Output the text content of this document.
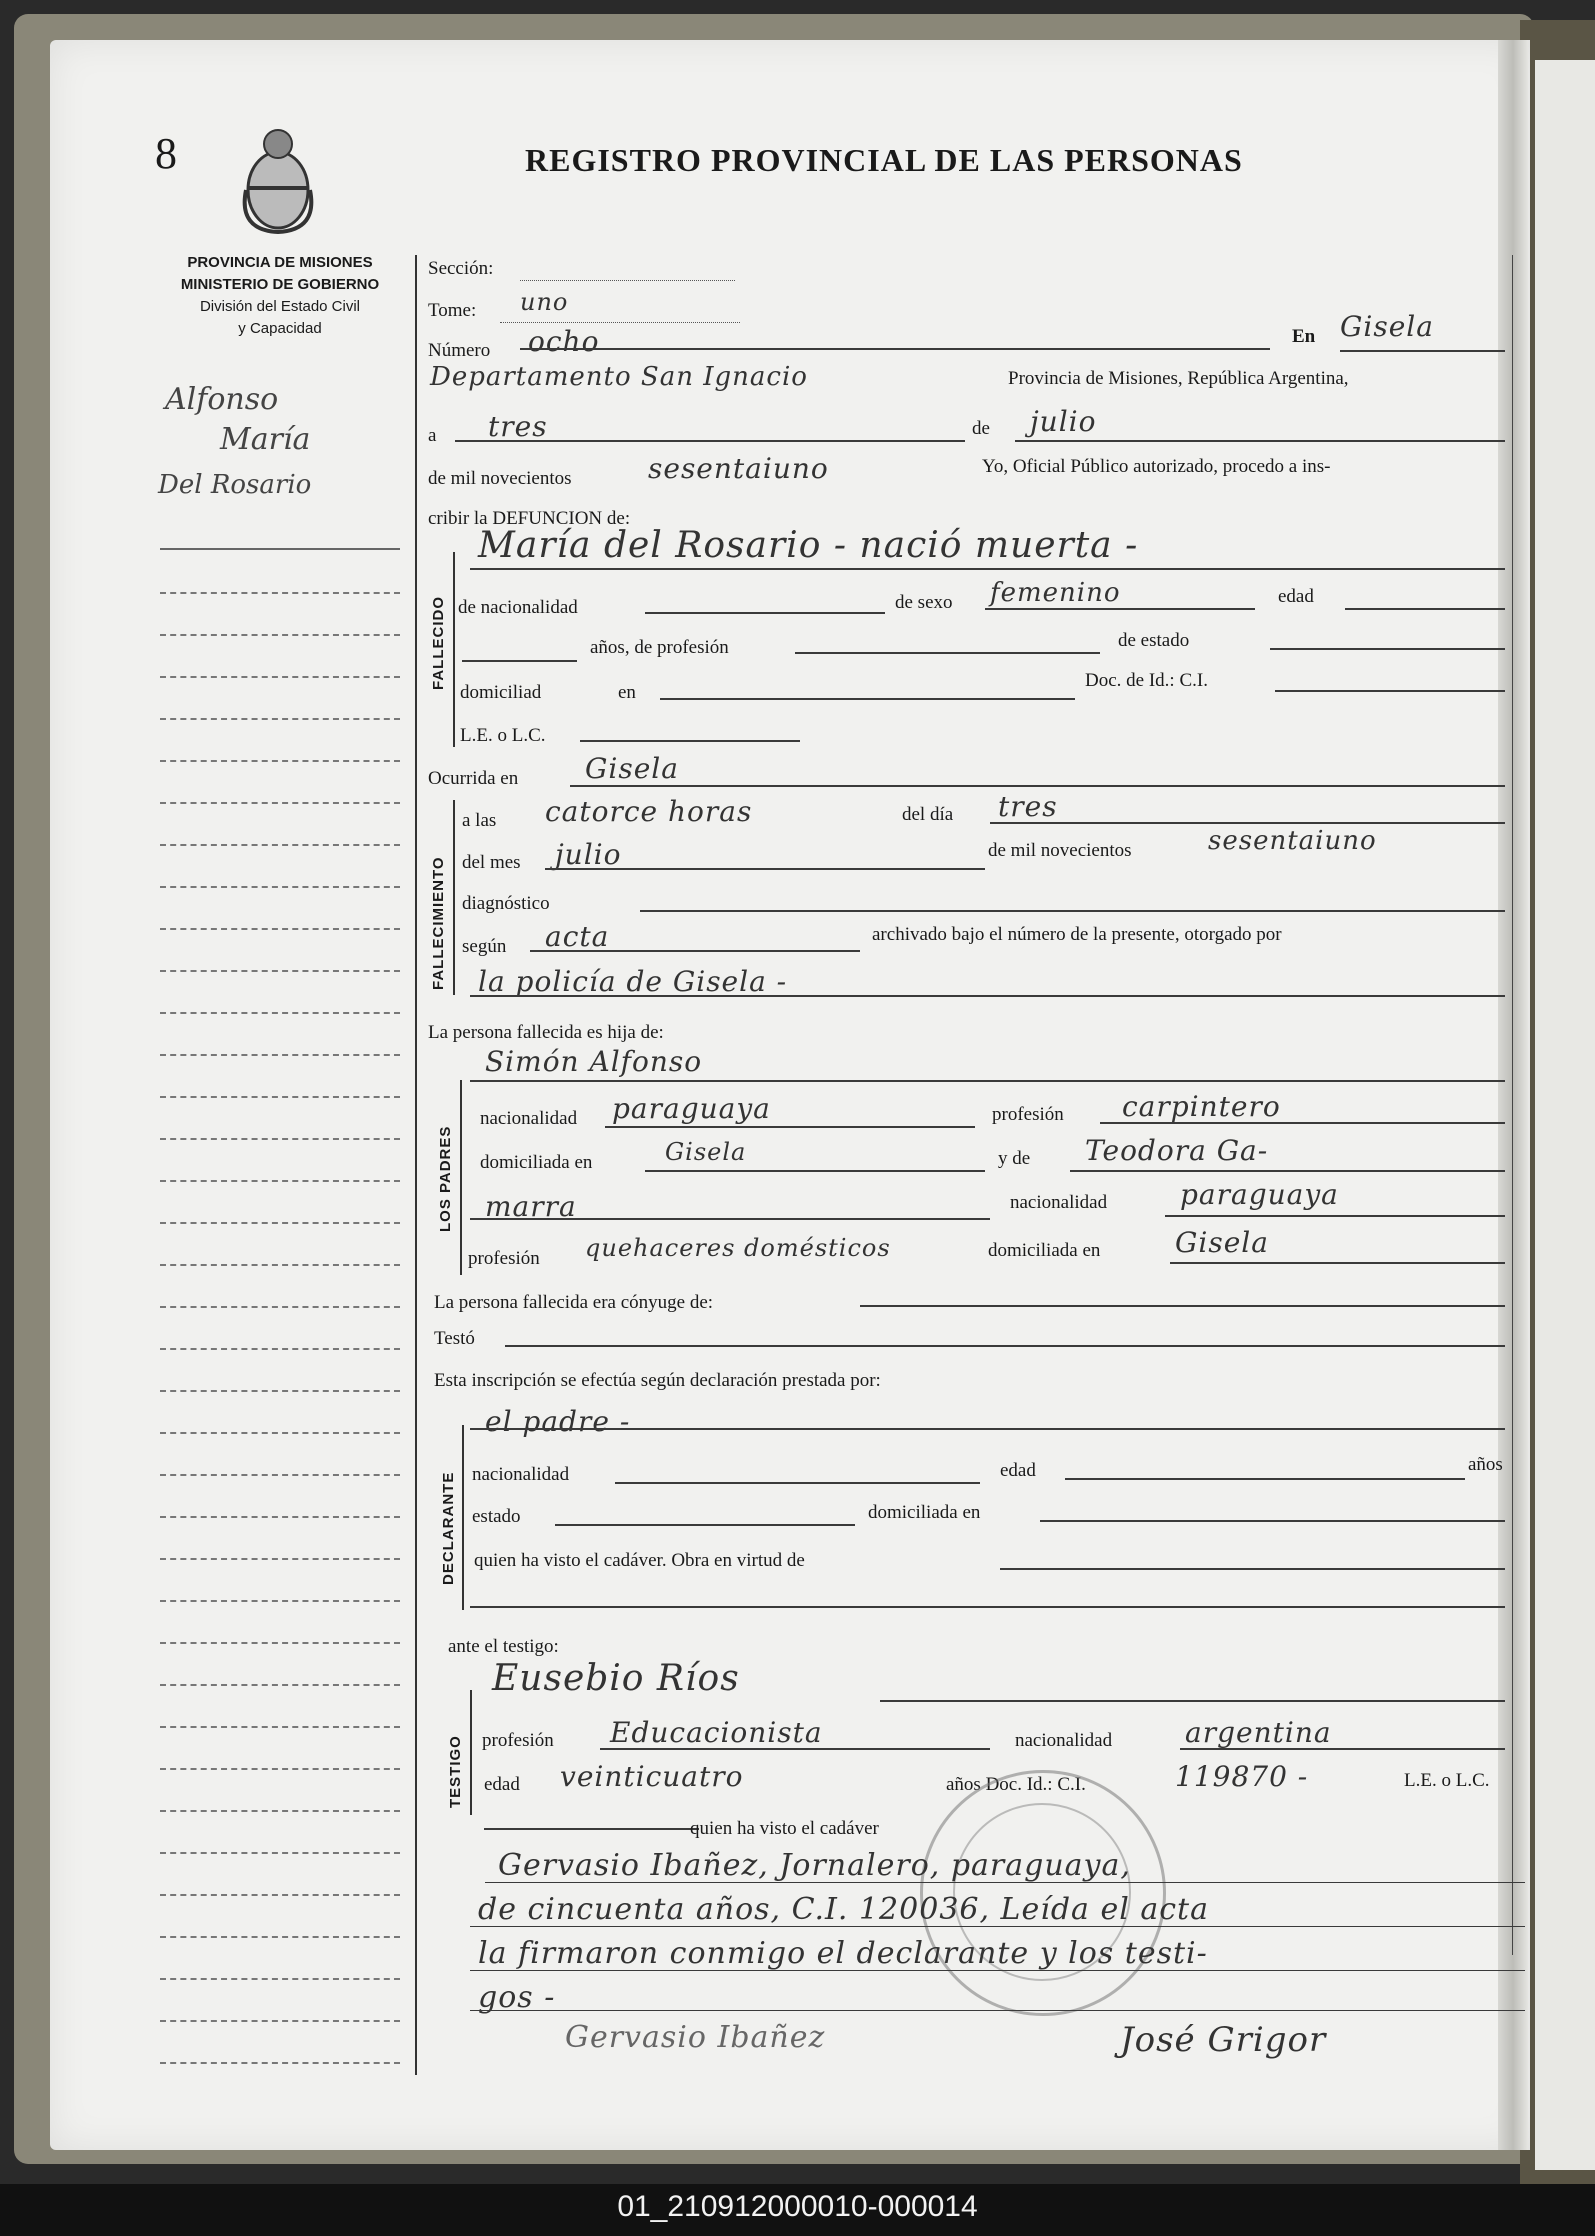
8	REGISTRO PROVINCIAL DE LAS PERSONAS
PROVINCIA DE MISIONES
MINISTERIO DE GOBIERNO
División del Estado Civil
y Capacidad
Alfonso
María
Del Rosario
Sección:
Tome: uno
Número ocho	En Gisela
Departamento San Ignacio	Provincia de Misiones, República Argentina,
a tres	de julio
de mil novecientos	sesentaiuno	Yo, Oficial Público autorizado, procedo a ins-
cribir la DEFUNCION de:
FALLECIDO
María del Rosario - nació muerta -
de nacionalidad	de sexo femenino	edad
años, de profesión	de estado
domiciliad	en
Doc. de Id.: C.I.
L.E. o L.C.
Ocurrida en Gisela
FALLECIMIENTO
a las catorce horas	del día tres
del mes julio	de mil novecientos	sesentaiuno
diagnóstico
según acta	archivado bajo el número de la presente, otorgado por
la policía de Gisela -
La persona fallecida es hija de:
Simón Alfonso
LOS PADRES
nacionalidad paraguaya	profesión carpintero
domiciliada en	Gisela	y de Teodora Ga-
marra	nacionalidad	paraguaya
profesión quehaceres domésticos	domiciliada en	Gisela
La persona fallecida era cónyuge de:
Testó
Esta inscripción se efectúa según declaración prestada por:
el padre -
DECLARANTE nacionalidad	edad	años
estado	domiciliada en
quien ha visto el cadáver. Obra en virtud de
ante el testigo:
Eusebio Ríos
TESTIGO profesión Educacionista	nacionalidad	argentina
edad veinticuatro	años Doc. Id.: C.I.	119870 -	L.E. o L.C.
quien ha visto el cadáver
Gervasio Ibañez, Jornalero, paraguaya,
de cincuenta años, C.I. 120036, Leída el acta
la firmaron conmigo el declarante y los testi-
gos -
Gervasio Ibañez	José Grigor
01_210912000010-000014
